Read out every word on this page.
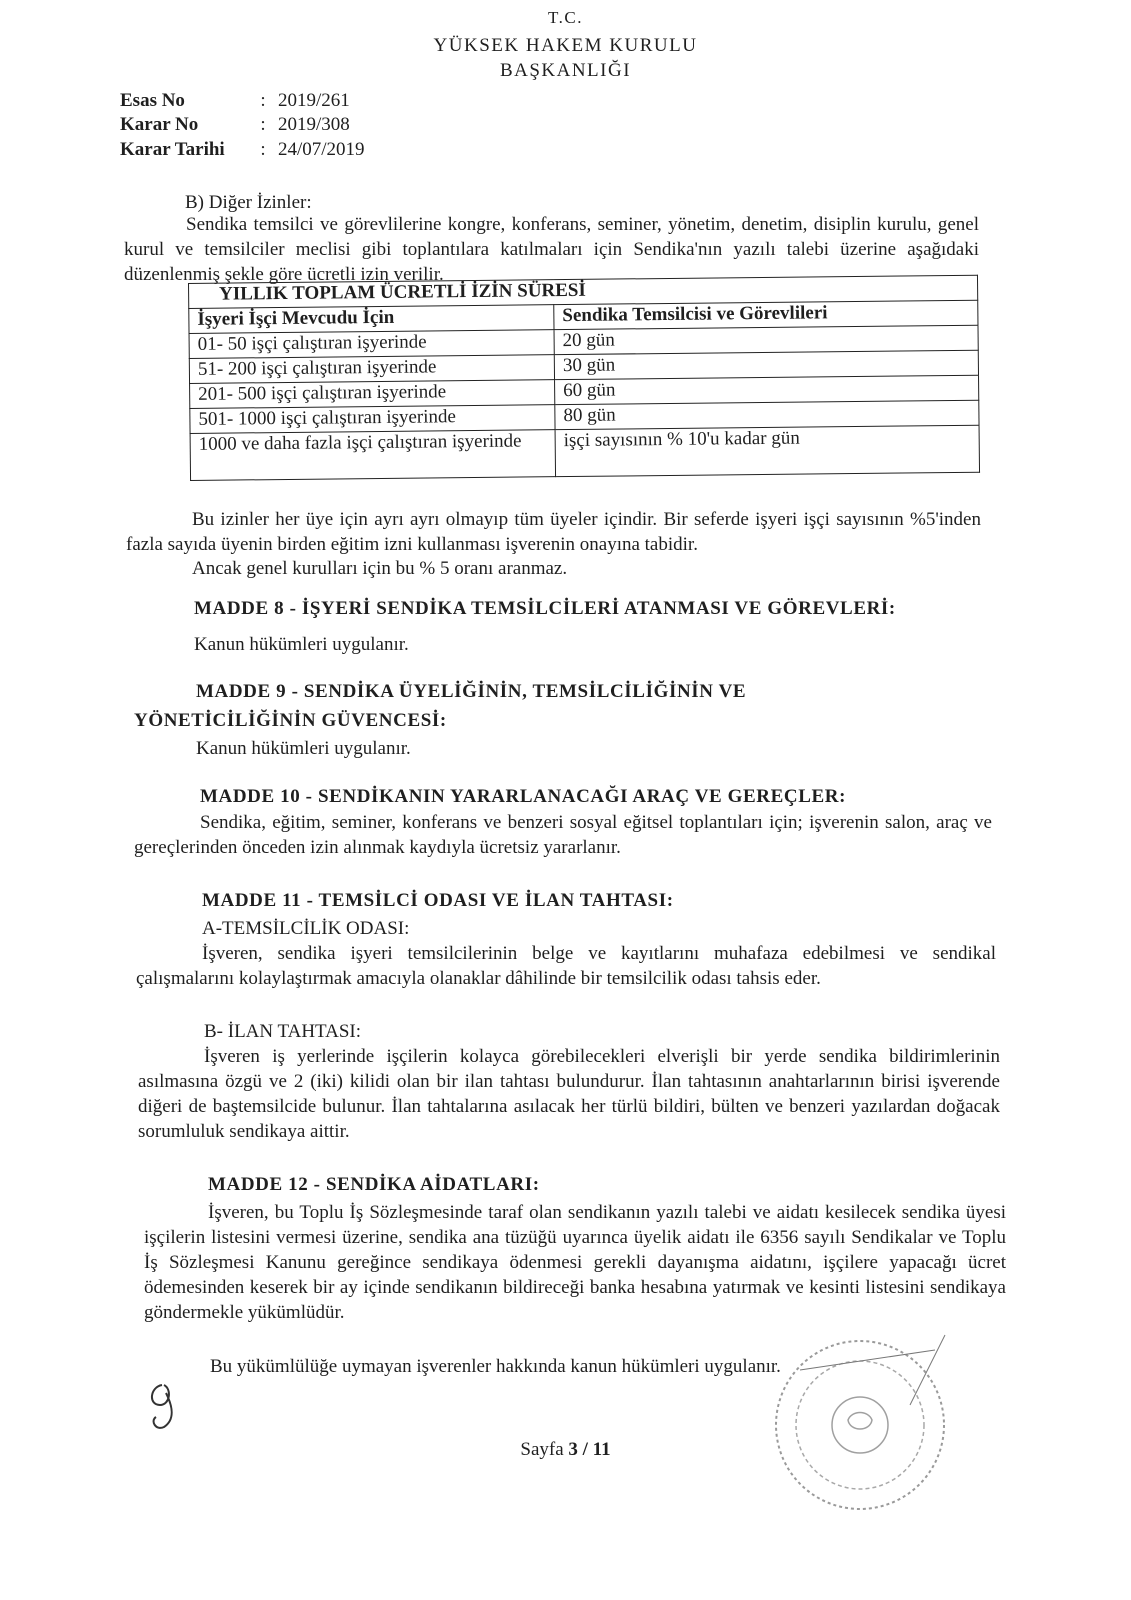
T.C.
YÜKSEK HAKEM KURULU
BAŞKANLIĞI
Esas No	: 2019/261
Karar No	: 2019/308
Karar Tarihi : 24/07/2019
B) Diğer İzinler:
Sendika temsilci ve görevlilerine kongre, konferans, seminer, yönetim, denetim, disiplin kurulu, genel kurul ve temsilciler meclisi gibi toplantılara katılmaları için Sendika'nın yazılı talebi üzerine aşağıdaki düzenlenmiş şekle göre ücretli izin verilir.
YILLIK TOPLAM ÜCRETLİ İZİN SÜRESİ	
İşyeri İşçi Mevcudu İçin	Sendika Temsilcisi ve Görevlileri
01- 50 işçi çalıştıran işyerinde	20 gün
51- 200 işçi çalıştıran işyerinde	30 gün
201- 500 işçi çalıştıran işyerinde	60 gün
501- 1000 işçi çalıştıran işyerinde	80 gün
1000 ve daha fazla işçi çalıştıran işyerinde	işçi sayısının % 10'u kadar gün
Bu izinler her üye için ayrı ayrı olmayıp tüm üyeler içindir. Bir seferde işyeri işçi sayısının %5'inden fazla sayıda üyenin birden eğitim izni kullanması işverenin onayına tabidir.
Ancak genel kurulları için bu % 5 oranı aranmaz.
MADDE 8 - İŞYERİ SENDİKA TEMSİLCİLERİ ATANMASI VE GÖREVLERİ:
Kanun hükümleri uygulanır.
MADDE 9 - SENDİKA ÜYELİĞİNİN, TEMSİLCİLİĞİNİN VE
YÖNETİCİLİĞİNİN GÜVENCESİ:
Kanun hükümleri uygulanır.
MADDE 10 - SENDİKANIN YARARLANACAĞI ARAÇ VE GEREÇLER:
Sendika, eğitim, seminer, konferans ve benzeri sosyal eğitsel toplantıları için; işverenin salon, araç ve gereçlerinden önceden izin alınmak kaydıyla ücretsiz yararlanır.
MADDE 11 - TEMSİLCİ ODASI VE İLAN TAHTASI:
A-TEMSİLCİLİK ODASI:
İşveren, sendika işyeri temsilcilerinin belge ve kayıtlarını muhafaza edebilmesi ve sendikal çalışmalarını kolaylaştırmak amacıyla olanaklar dâhilinde bir temsilcilik odası tahsis eder.
B- İLAN TAHTASI:
İşveren iş yerlerinde işçilerin kolayca görebilecekleri elverişli bir yerde sendika bildirimlerinin asılmasına özgü ve 2 (iki) kilidi olan bir ilan tahtası bulundurur. İlan tahtasının anahtarlarının birisi işverende diğeri de baştemsilcide bulunur. İlan tahtalarına asılacak her türlü bildiri, bülten ve benzeri yazılardan doğacak sorumluluk sendikaya aittir.
MADDE 12 - SENDİKA AİDATLARI:
İşveren, bu Toplu İş Sözleşmesinde taraf olan sendikanın yazılı talebi ve aidatı kesilecek sendika üyesi işçilerin listesini vermesi üzerine, sendika ana tüzüğü uyarınca üyelik aidatı ile 6356 sayılı Sendikalar ve Toplu İş Sözleşmesi Kanunu gereğince sendikaya ödenmesi gerekli dayanışma aidatını, işçilere yapacağı ücret ödemesinden keserek bir ay içinde sendikanın bildireceği banka hesabına yatırmak ve kesinti listesini sendikaya göndermekle yükümlüdür.
Bu yükümlülüğe uymayan işverenler hakkında kanun hükümleri uygulanır.
Sayfa 3 / 11
